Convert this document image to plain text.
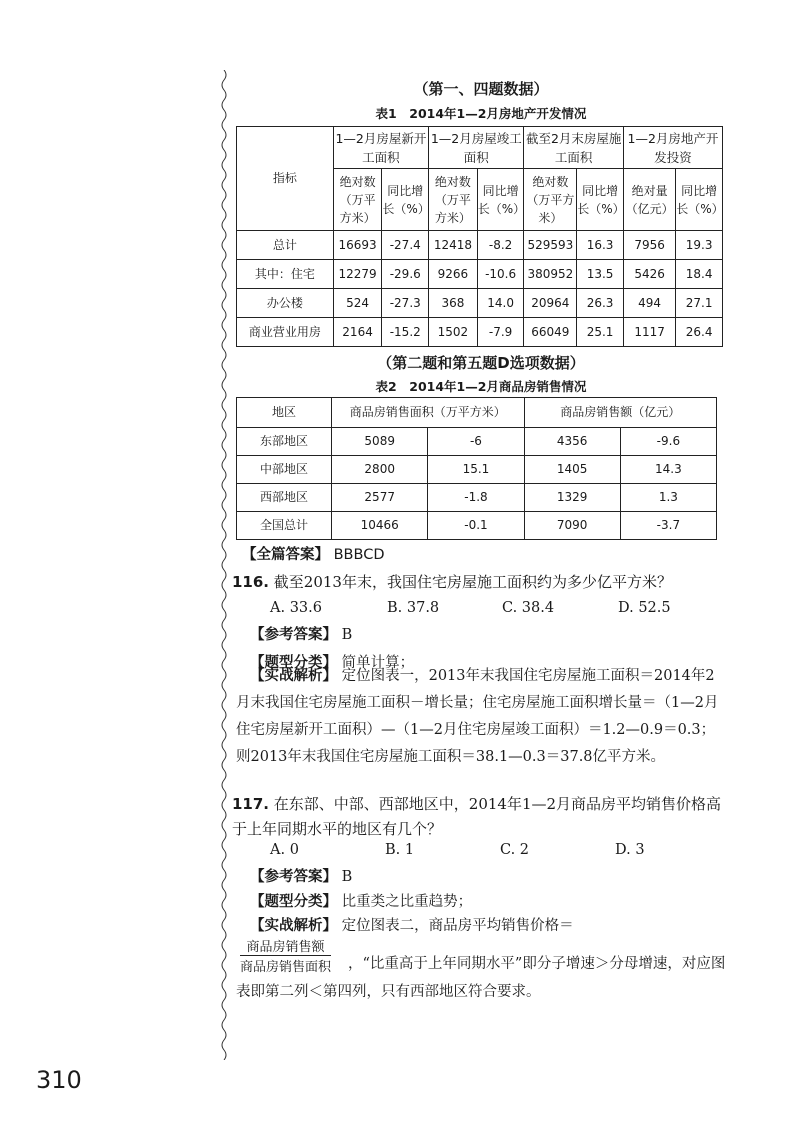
（第一、四题数据）
表1　2014年1—2月房地产开发情况
指标	1—2月房屋新开工面积		1—2月房屋竣工面积		截至2月末房屋施工面积		1—2月房地产开发投资	
	绝对数（万平方米）	同比增长（%）	绝对数（万平方米）	同比增长（%）	绝对数（万平方米）	同比增长（%）	绝对量（亿元）	同比增长（%）
总计	16693	-27.4	12418	-8.2	529593	16.3	7956	19.3
其中：住宅	12279	-29.6	9266	-10.6	380952	13.5	5426	18.4
办公楼	524	-27.3	368	14.0	20964	26.3	494	27.1
商业营业用房	2164	-15.2	1502	-7.9	66049	25.1	1117	26.4
（第二题和第五题D选项数据）
表2　2014年1—2月商品房销售情况
地区	商品房销售面积（万平方米）		商品房销售额（亿元）	
东部地区	5089	-6	4356	-9.6
中部地区	2800	15.1	1405	14.3
西部地区	2577	-1.8	1329	1.3
全国总计	10466	-0.1	7090	-3.7
【全篇答案】 BBBCD
116. 截至2013年末，我国住宅房屋施工面积约为多少亿平方米？
A. 33.6	B. 37.8	C. 38.4	D. 52.5
【参考答案】 B
【题型分类】 简单计算；
【实战解析】 定位图表一，2013年末我国住宅房屋施工面积＝2014年2月末我国住宅房屋施工面积－增长量；住宅房屋施工面积增长量＝（1—2月住宅房屋新开工面积）—（1—2月住宅房屋竣工面积）＝1.2—0.9＝0.3；则2013年末我国住宅房屋施工面积＝38.1—0.3＝37.8亿平方米。
117. 在东部、中部、西部地区中，2014年1—2月商品房平均销售价格高于上年同期水平的地区有几个？
A. 0	B. 1	C. 2	D. 3
【参考答案】 B
【题型分类】 比重类之比重趋势；
【实战解析】 定位图表二，商品房平均销售价格＝
商品房销售额
商品房销售面积	，“比重高于上年同期水平”即分子增速＞分母增速，对应图表即第二列＜第四列，只有西部地区符合要求。
310
